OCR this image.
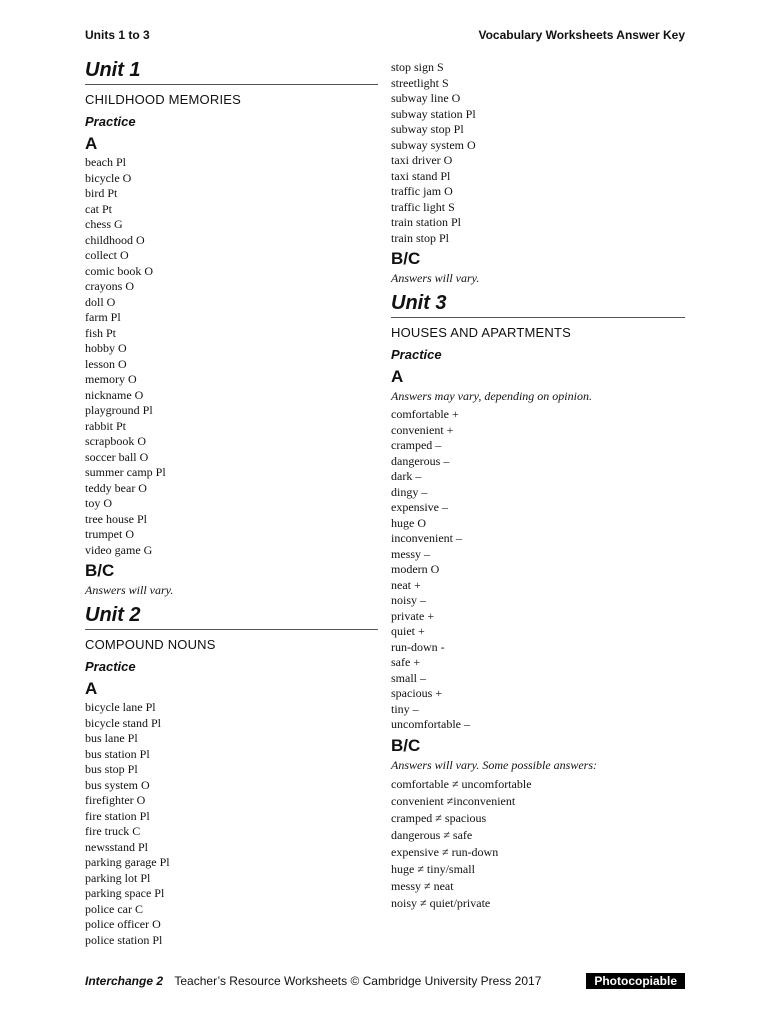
Units 1 to 3	Vocabulary Worksheets Answer Key
Unit 1
CHILDHOOD MEMORIES
Practice
A
beach Pl
bicycle O
bird Pt
cat Pt
chess G
childhood O
collect O
comic book O
crayons O
doll O
farm Pl
fish Pt
hobby O
lesson O
memory O
nickname O
playground Pl
rabbit Pt
scrapbook O
soccer ball O
summer camp Pl
teddy bear O
toy O
tree house Pl
trumpet O
video game G
B/C
Answers will vary.
Unit 2
COMPOUND NOUNS
Practice
A
bicycle lane Pl
bicycle stand Pl
bus lane Pl
bus station Pl
bus stop Pl
bus system O
firefighter O
fire station Pl
fire truck C
newsstand Pl
parking garage Pl
parking lot Pl
parking space Pl
police car C
police officer O
police station Pl
stop sign S
streetlight S
subway line O
subway station Pl
subway stop Pl
subway system O
taxi driver O
taxi stand Pl
traffic jam O
traffic light S
train station Pl
train stop Pl
B/C
Answers will vary.
Unit 3
HOUSES AND APARTMENTS
Practice
A
Answers may vary, depending on opinion.
comfortable +
convenient +
cramped –
dangerous –
dark –
dingy –
expensive –
huge O
inconvenient –
messy –
modern O
neat +
noisy –
private +
quiet +
run-down -
safe +
small –
spacious +
tiny –
uncomfortable –
B/C
Answers will vary. Some possible answers:
comfortable ≠ uncomfortable
convenient ≠inconvenient
cramped ≠ spacious
dangerous ≠ safe
expensive ≠ run-down
huge ≠ tiny/small
messy ≠ neat
noisy ≠ quiet/private
Interchange 2 Teacher’s Resource Worksheets © Cambridge University Press 2017	Photocopiable
